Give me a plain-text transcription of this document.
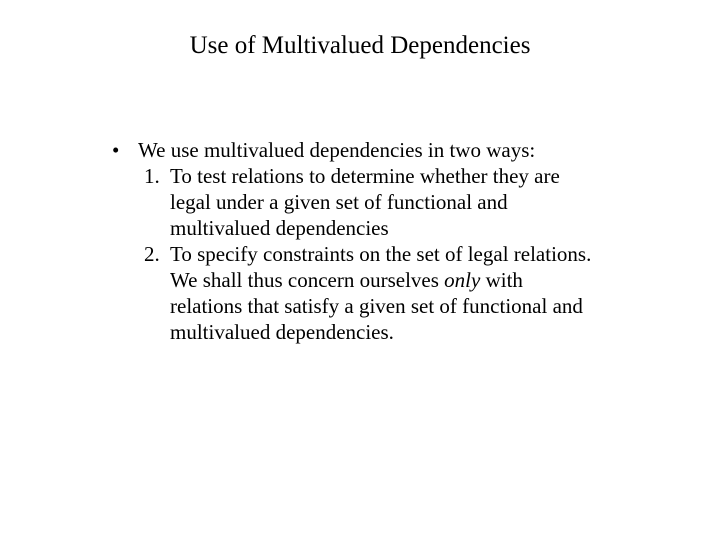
Use of Multivalued Dependencies
• We use multivalued dependencies in two ways:
1. To test relations to determine whether they are
legal under a given set of functional and
multivalued dependencies
2. To specify constraints on the set of legal relations.
We shall thus concern ourselves only with
relations that satisfy a given set of functional and
multivalued dependencies.
